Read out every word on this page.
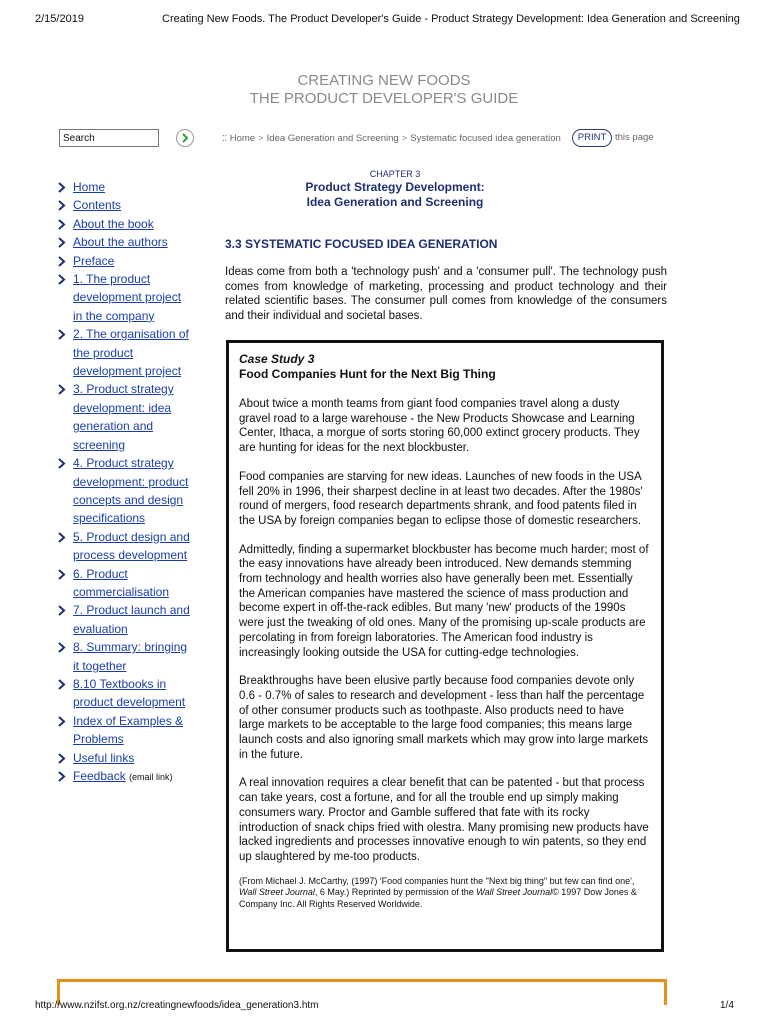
2/15/2019	Creating New Foods. The Product Developer's Guide - Product Strategy Development: Idea Generation and Screening
CREATING NEW FOODS
THE PRODUCT DEVELOPER'S GUIDE
Search
⁚⁚ Home > Idea Generation and Screening > Systematic focused idea generation	PRINT this page
Home
Contents
About the book
About the authors
Preface
1. The product
development project
in the company
2. The organisation of
the product
development project
3. Product strategy
development: idea
generation and
screening
4. Product strategy
development: product
concepts and design
specifications
5. Product design and
process development
6. Product
commercialisation
7. Product launch and
evaluation
8. Summary: bringing
it together
8.10 Textbooks in
product development
Index of Examples &
Problems
Useful links
Feedback (email link)
CHAPTER 3
Product Strategy Development:
Idea Generation and Screening
3.3 SYSTEMATIC FOCUSED IDEA GENERATION
Ideas come from both a 'technology push' and a 'consumer pull'. The technology push comes from knowledge of marketing, processing and product technology and their related scientific bases. The consumer pull comes from knowledge of the consumers and their individual and societal bases.
Case Study 3
Food Companies Hunt for the Next Big Thing

About twice a month teams from giant food companies travel along a dusty gravel road to a large warehouse - the New Products Showcase and Learning Center, Ithaca, a morgue of sorts storing 60,000 extinct grocery products. They are hunting for ideas for the next blockbuster.

Food companies are starving for new ideas. Launches of new foods in the USA fell 20% in 1996, their sharpest decline in at least two decades. After the 1980s' round of mergers, food research departments shrank, and food patents filed in the USA by foreign companies began to eclipse those of domestic researchers.

Admittedly, finding a supermarket blockbuster has become much harder; most of the easy innovations have already been introduced. New demands stemming from technology and health worries also have generally been met. Essentially the American companies have mastered the science of mass production and become expert in off-the-rack edibles. But many 'new' products of the 1990s were just the tweaking of old ones. Many of the promising up-scale products are percolating in from foreign laboratories. The American food industry is increasingly looking outside the USA for cutting-edge technologies.

Breakthroughs have been elusive partly because food companies devote only 0.6 - 0.7% of sales to research and development - less than half the percentage of other consumer products such as toothpaste. Also products need to have large markets to be acceptable to the large food companies; this means large launch costs and also ignoring small markets which may grow into large markets in the future.

A real innovation requires a clear benefit that can be patented - but that process can take years, cost a fortune, and for all the trouble end up simply making consumers wary. Proctor and Gamble suffered that fate with its rocky introduction of snack chips fried with olestra. Many promising new products have lacked ingredients and processes innovative enough to win patents, so they end up slaughtered by me-too products.

(From Michael J. McCarthy, (1997) 'Food companies hunt the "Next big thing" but few can find one', Wall Street Journal, 6 May.) Reprinted by permission of the Wall Street Journal© 1997 Dow Jones & Company Inc. All Rights Reserved Worldwide.
http://www.nzifst.org.nz/creatingnewfoods/idea_generation3.htm	1/4
